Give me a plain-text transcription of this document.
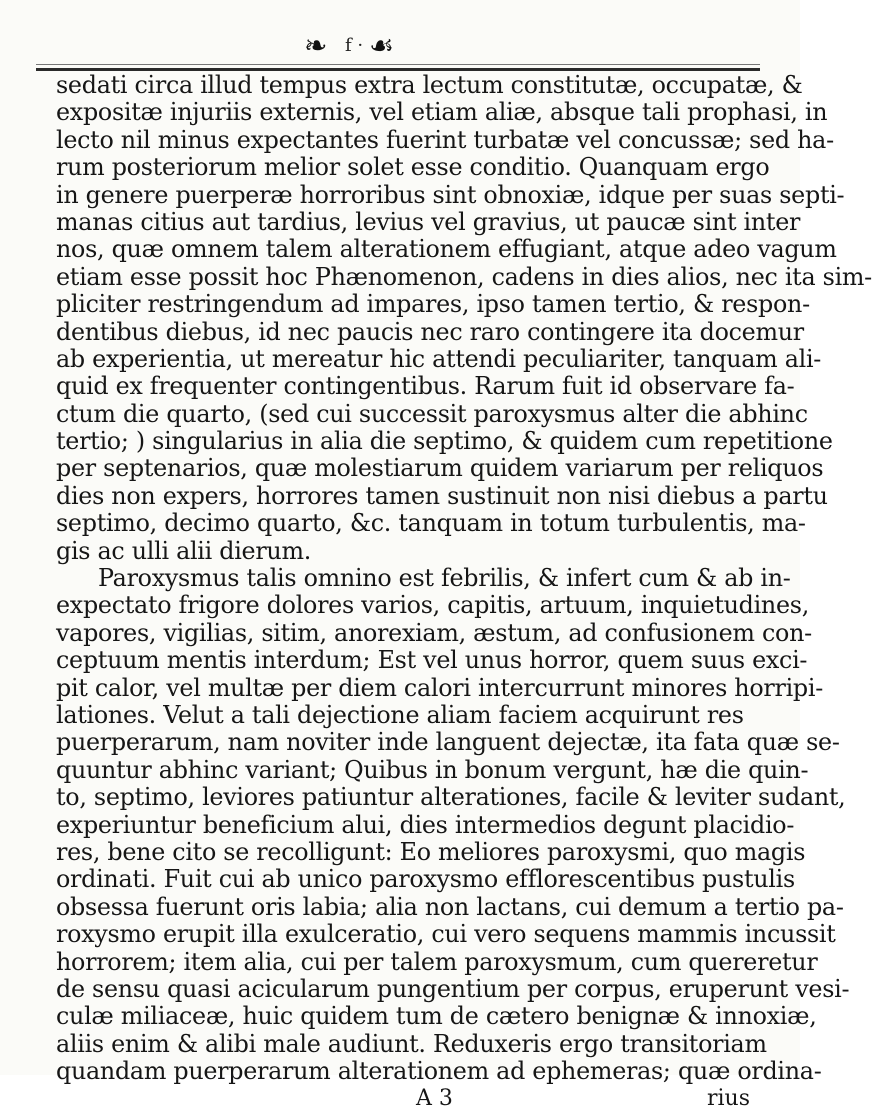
❧ f · ☙
sedati circa illud tempus extra lectum constitutæ, occupatæ, &
expositæ injuriis externis, vel etiam aliæ, absque tali prophasi, in
lecto nil minus expectantes fuerint turbatæ vel concussæ; sed ha-
rum posteriorum melior solet esse conditio. Quanquam ergo
in genere puerperæ horroribus sint obnoxiæ, idque per suas septi-
manas citius aut tardius, levius vel gravius, ut paucæ sint inter
nos, quæ omnem talem alterationem effugiant, atque adeo vagum
etiam esse possit hoc Phænomenon, cadens in dies alios, nec ita sim-
pliciter restringendum ad impares, ipso tamen tertio, & respon-
dentibus diebus, id nec paucis nec raro contingere ita docemur
ab experientia, ut mereatur hic attendi peculiariter, tanquam ali-
quid ex frequenter contingentibus. Rarum fuit id observare fa-
ctum die quarto, (sed cui successit paroxysmus alter die abhinc
tertio; ) singularius in alia die septimo, & quidem cum repetitione
per septenarios, quæ molestiarum quidem variarum per reliquos
dies non expers, horrores tamen sustinuit non nisi diebus a partu
septimo, decimo quarto, &c. tanquam in totum turbulentis, ma-
gis ac ulli alii dierum.
Paroxysmus talis omnino est febrilis, & infert cum & ab in-
expectato frigore dolores varios, capitis, artuum, inquietudines,
vapores, vigilias, sitim, anorexiam, æstum, ad confusionem con-
ceptuum mentis interdum; Est vel unus horror, quem suus exci-
pit calor, vel multæ per diem calori intercurrunt minores horripi-
lationes. Velut a tali dejectione aliam faciem acquirunt res
puerperarum, nam noviter inde languent dejectæ, ita fata quæ se-
quuntur abhinc variant; Quibus in bonum vergunt, hæ die quin-
to, septimo, leviores patiuntur alterationes, facile & leviter sudant,
experiuntur beneficium alui, dies intermedios degunt placidio-
res, bene cito se recolligunt: Eo meliores paroxysmi, quo magis
ordinati. Fuit cui ab unico paroxysmo efflorescentibus pustulis
obsessa fuerunt oris labia; alia non lactans, cui demum a tertio pa-
roxysmo erupit illa exulceratio, cui vero sequens mammis incussit
horrorem; item alia, cui per talem paroxysmum, cum quereretur
de sensu quasi acicularum pungentium per corpus, eruperunt vesi-
culæ miliaceæ, huic quidem tum de cætero benignæ & innoxiæ,
aliis enim & alibi male audiunt. Reduxeris ergo transitoriam
quandam puerperarum alterationem ad ephemeras; quæ ordina-
A 3	rius
